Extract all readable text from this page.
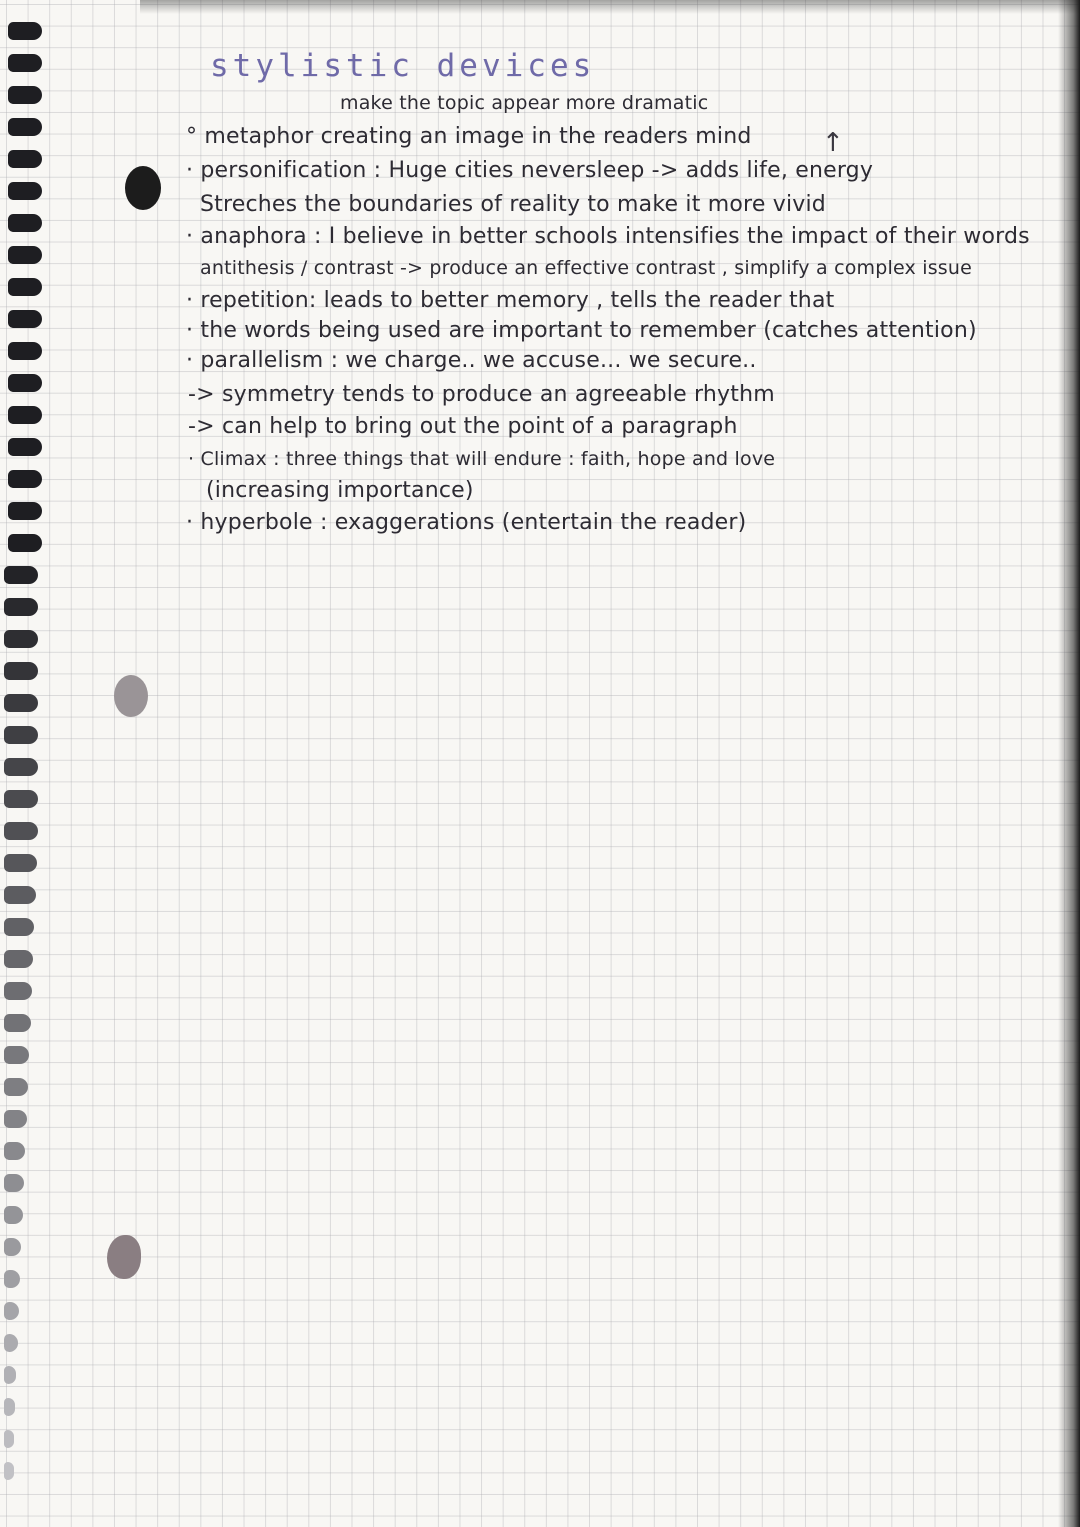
stylistic devices
make the topic appear more dramatic
° metaphor creating an image in the readers mind	↑
· personification : Huge cities neversleep -> adds life, energy
Streches the boundaries of reality to make it more vivid
· anaphora : I believe in better schools intensifies the impact of their words
antithesis / contrast -> produce an effective contrast , simplify a complex issue
· repetition: leads to better memory , tells the reader that
· the words being used are important to remember (catches attention)
· parallelism : we charge.. we accuse... we secure..
-> symmetry tends to produce an agreeable rhythm
-> can help to bring out the point of a paragraph
· Climax : three things that will endure : faith, hope and love
(increasing importance)
· hyperbole : exaggerations (entertain the reader)
